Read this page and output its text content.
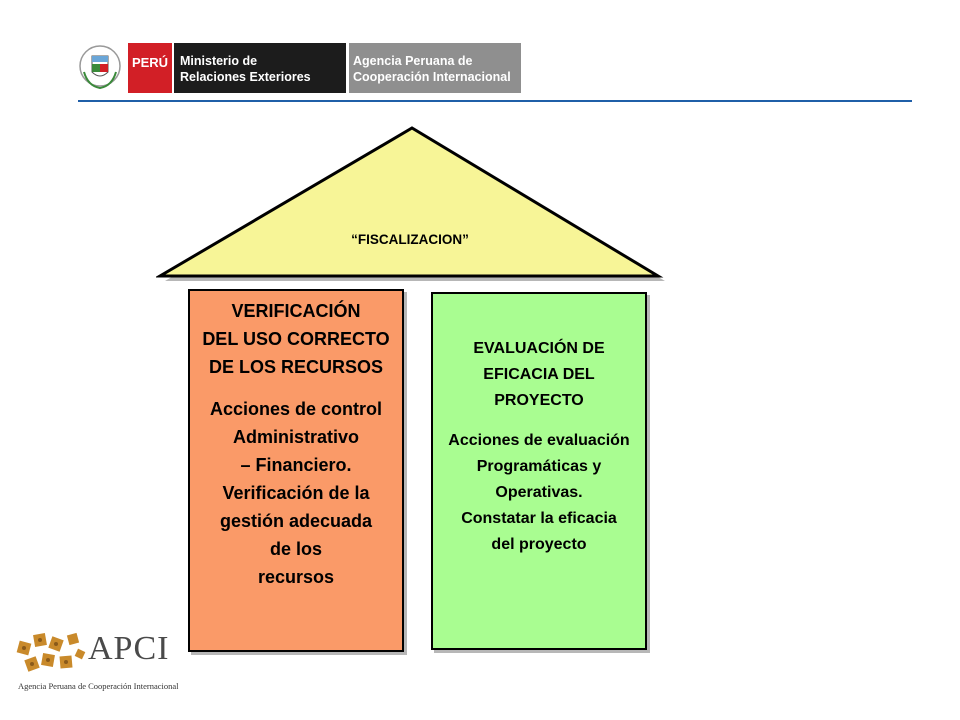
PERÚ Ministerio de
Relaciones Exteriores
Agencia Peruana de
Cooperación Internacional
“FISCALIZACION”

VERIFICACIÓN
DEL USO CORRECTO
DE LOS RECURSOS

Acciones de control
Administrativo
– Financiero.
Verificación de la
gestión adecuada
de los
recursos

EVALUACIÓN DE
EFICACIA DEL
PROYECTO

Acciones de evaluación
Programáticas y
Operativas.
Constatar la eficacia
del proyecto

APCI
Agencia Peruana de Cooperación Internacional
